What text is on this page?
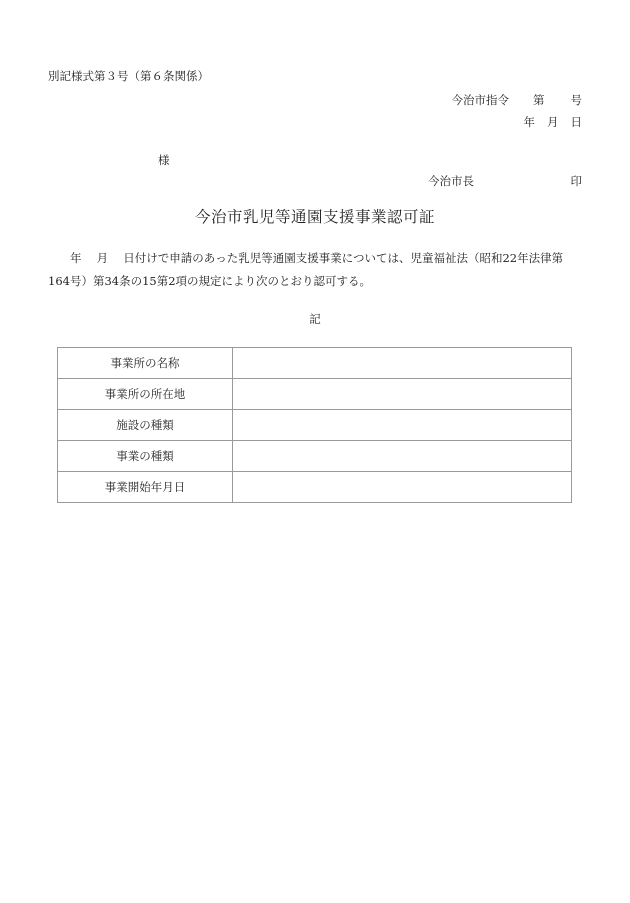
別記様式第３号（第６条関係）
今治市指令 第 号
年 月 日
様
今治市長	印
今治市乳児等通園支援事業認可証
年　 月　 日付けで申請のあった乳児等通園支援事業については、児童福祉法（昭和22年法律第164号）第34条の15第2項の規定により次のとおり認可する。
記
事業所の名称	
事業所の所在地	
施設の種類	
事業の種類	
事業開始年月日	
